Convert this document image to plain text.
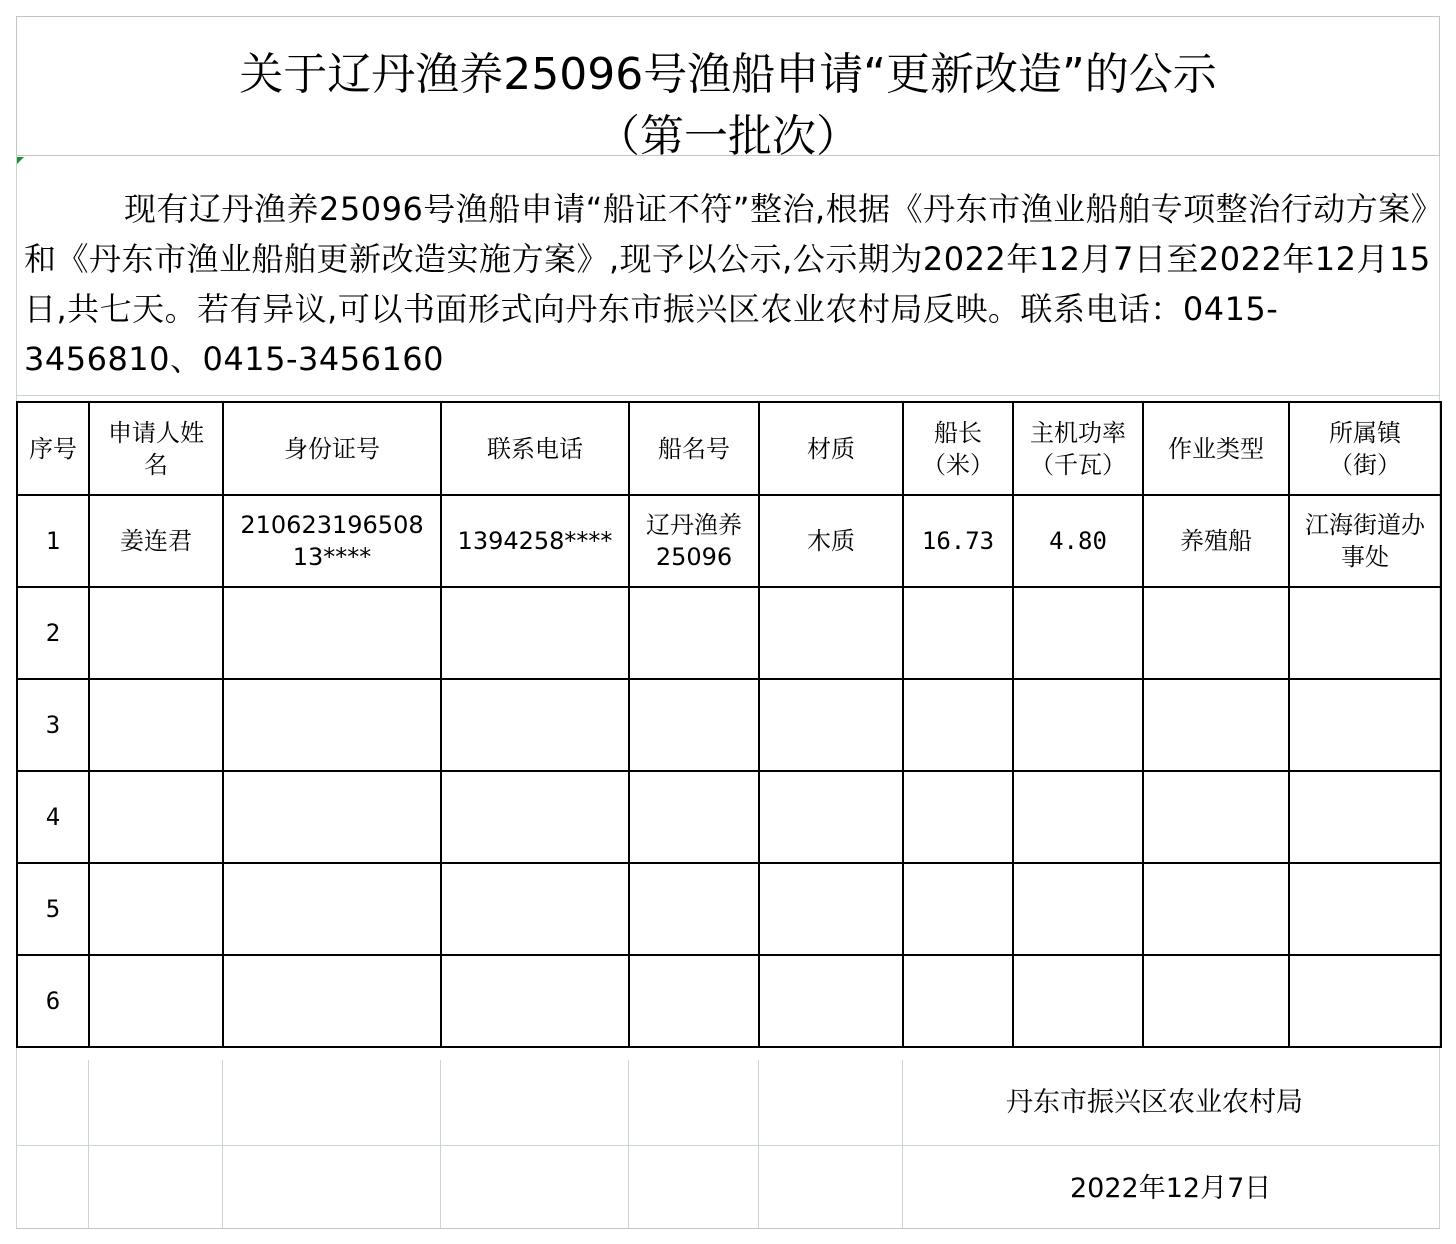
关于辽丹渔养25096号渔船申请“更新改造”的公示
（第一批次）

现有辽丹渔养25096号渔船申请“船证不符”整治,根据《丹东市渔业船舶专项整治行动方案》和《丹东市渔业船舶更新改造实施方案》,现予以公示,公示期为2022年12月7日至2022年12月15日,共七天。若有异议,可以书面形式向丹东市振兴区农业农村局反映。联系电话：0415-3456810、0415-3456160

序号	申请人姓名	身份证号	联系电话	船名号	材质	船长（米）	主机功率（千瓦）	作业类型	所属镇（街）
1	姜连君	21062319650813****	1394258****	辽丹渔养25096	木质	16.73	4.80	养殖船	江海街道办事处
2									
3									
4									
5									
6									
丹东市振兴区农业农村局
2022年12月7日
